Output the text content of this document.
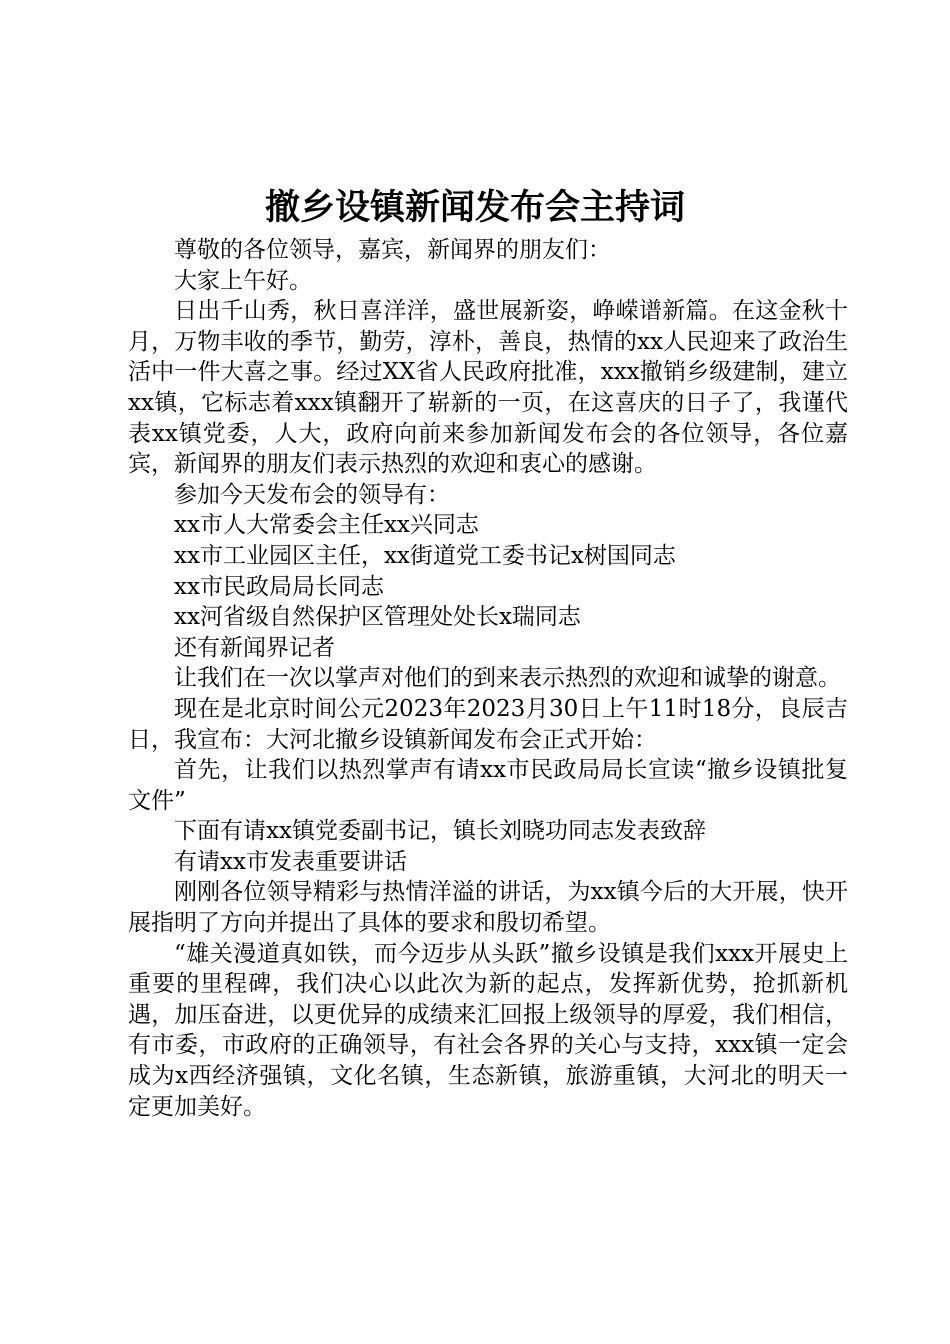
撤乡设镇新闻发布会主持词

尊敬的各位领导，嘉宾，新闻界的朋友们：

大家上午好。

日出千山秀，秋日喜洋洋，盛世展新姿，峥嵘谱新篇。在这金秋十月，万物丰收的季节，勤劳，淳朴，善良，热情的xx人民迎来了政治生活中一件大喜之事。经过XX省人民政府批准，xxx撤销乡级建制，建立xx镇，它标志着xxx镇翻开了崭新的一页，在这喜庆的日子了，我谨代表xx镇党委，人大，政府向前来参加新闻发布会的各位领导，各位嘉宾，新闻界的朋友们表示热烈的欢迎和衷心的感谢。

参加今天发布会的领导有：

xx市人大常委会主任xx兴同志

xx市工业园区主任，xx街道党工委书记x树国同志

xx市民政局局长同志

xx河省级自然保护区管理处处长x瑞同志

还有新闻界记者

让我们在一次以掌声对他们的到来表示热烈的欢迎和诚挚的谢意。

现在是北京时间公元2023年2023月30日上午11时18分，良辰吉日，我宣布：大河北撤乡设镇新闻发布会正式开始：

首先，让我们以热烈掌声有请xx市民政局局长宣读“撤乡设镇批复文件”

下面有请xx镇党委副书记，镇长刘晓功同志发表致辞

有请xx市发表重要讲话

刚刚各位领导精彩与热情洋溢的讲话，为xx镇今后的大开展，快开展指明了方向并提出了具体的要求和殷切希望。

“雄关漫道真如铁，而今迈步从头跃”撤乡设镇是我们xxx开展史上重要的里程碑，我们决心以此次为新的起点，发挥新优势，抢抓新机遇，加压奋进，以更优异的成绩来汇回报上级领导的厚爱，我们相信，有市委，市政府的正确领导，有社会各界的关心与支持，xxx镇一定会成为x西经济强镇，文化名镇，生态新镇，旅游重镇，大河北的明天一定更加美好。
